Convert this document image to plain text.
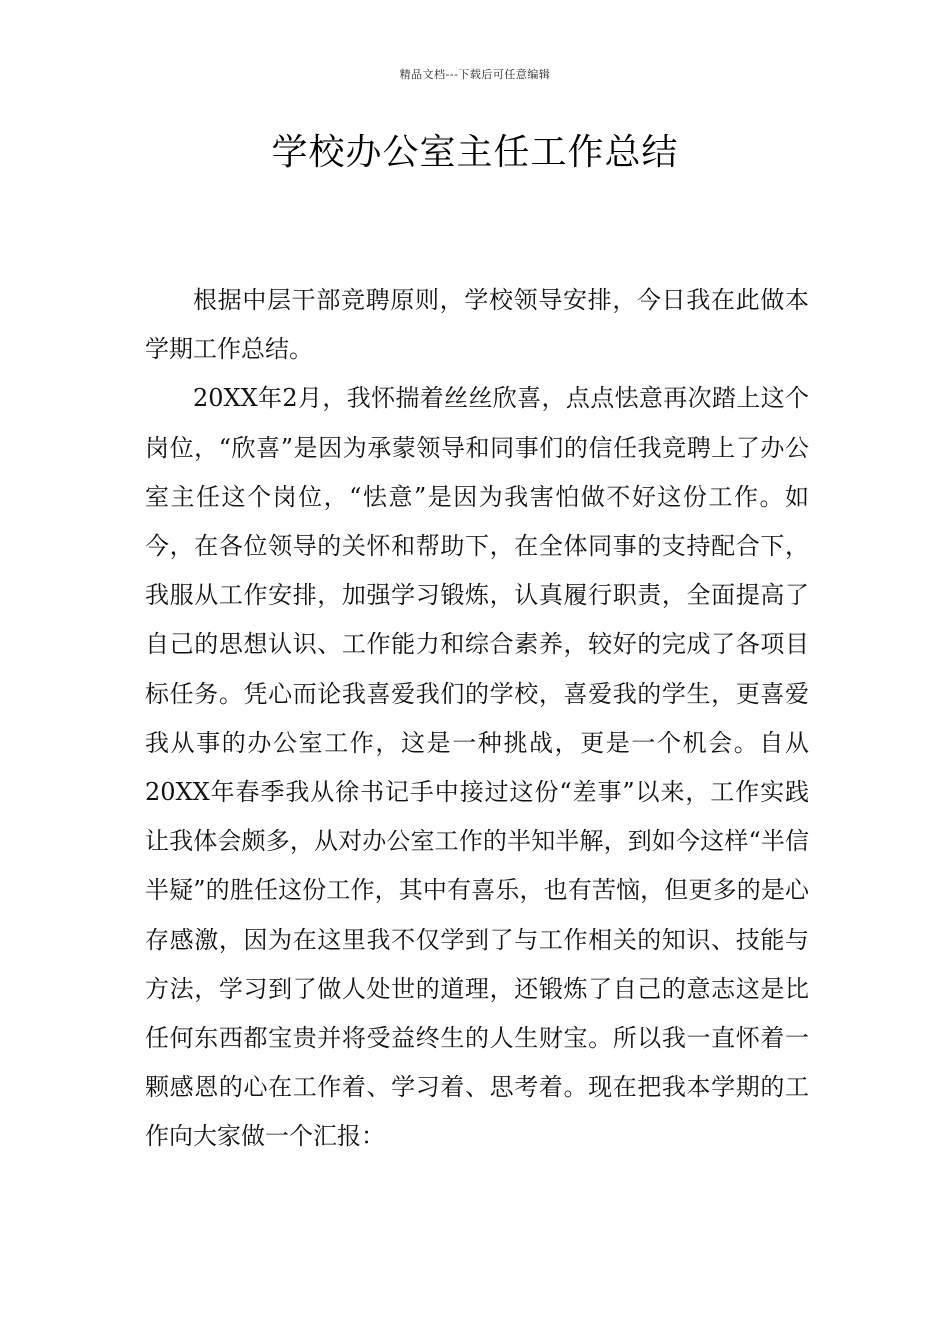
精品文档---下载后可任意编辑
学校办公室主任工作总结

根据中层干部竞聘原则，学校领导安排，今日我在此做本学期工作总结。

20XX年2月，我怀揣着丝丝欣喜，点点怯意再次踏上这个岗位，“欣喜”是因为承蒙领导和同事们的信任我竞聘上了办公室主任这个岗位，“怯意”是因为我害怕做不好这份工作。如今，在各位领导的关怀和帮助下，在全体同事的支持配合下，我服从工作安排，加强学习锻炼，认真履行职责，全面提高了自己的思想认识、工作能力和综合素养，较好的完成了各项目标任务。凭心而论我喜爱我们的学校，喜爱我的学生，更喜爱我从事的办公室工作，这是一种挑战，更是一个机会。自从20XX年春季我从徐书记手中接过这份“差事”以来，工作实践让我体会颇多，从对办公室工作的半知半解，到如今这样“半信半疑”的胜任这份工作，其中有喜乐，也有苦恼，但更多的是心存感激，因为在这里我不仅学到了与工作相关的知识、技能与方法，学习到了做人处世的道理，还锻炼了自己的意志这是比任何东西都宝贵并将受益终生的人生财宝。所以我一直怀着一颗感恩的心在工作着、学习着、思考着。现在把我本学期的工作向大家做一个汇报：
